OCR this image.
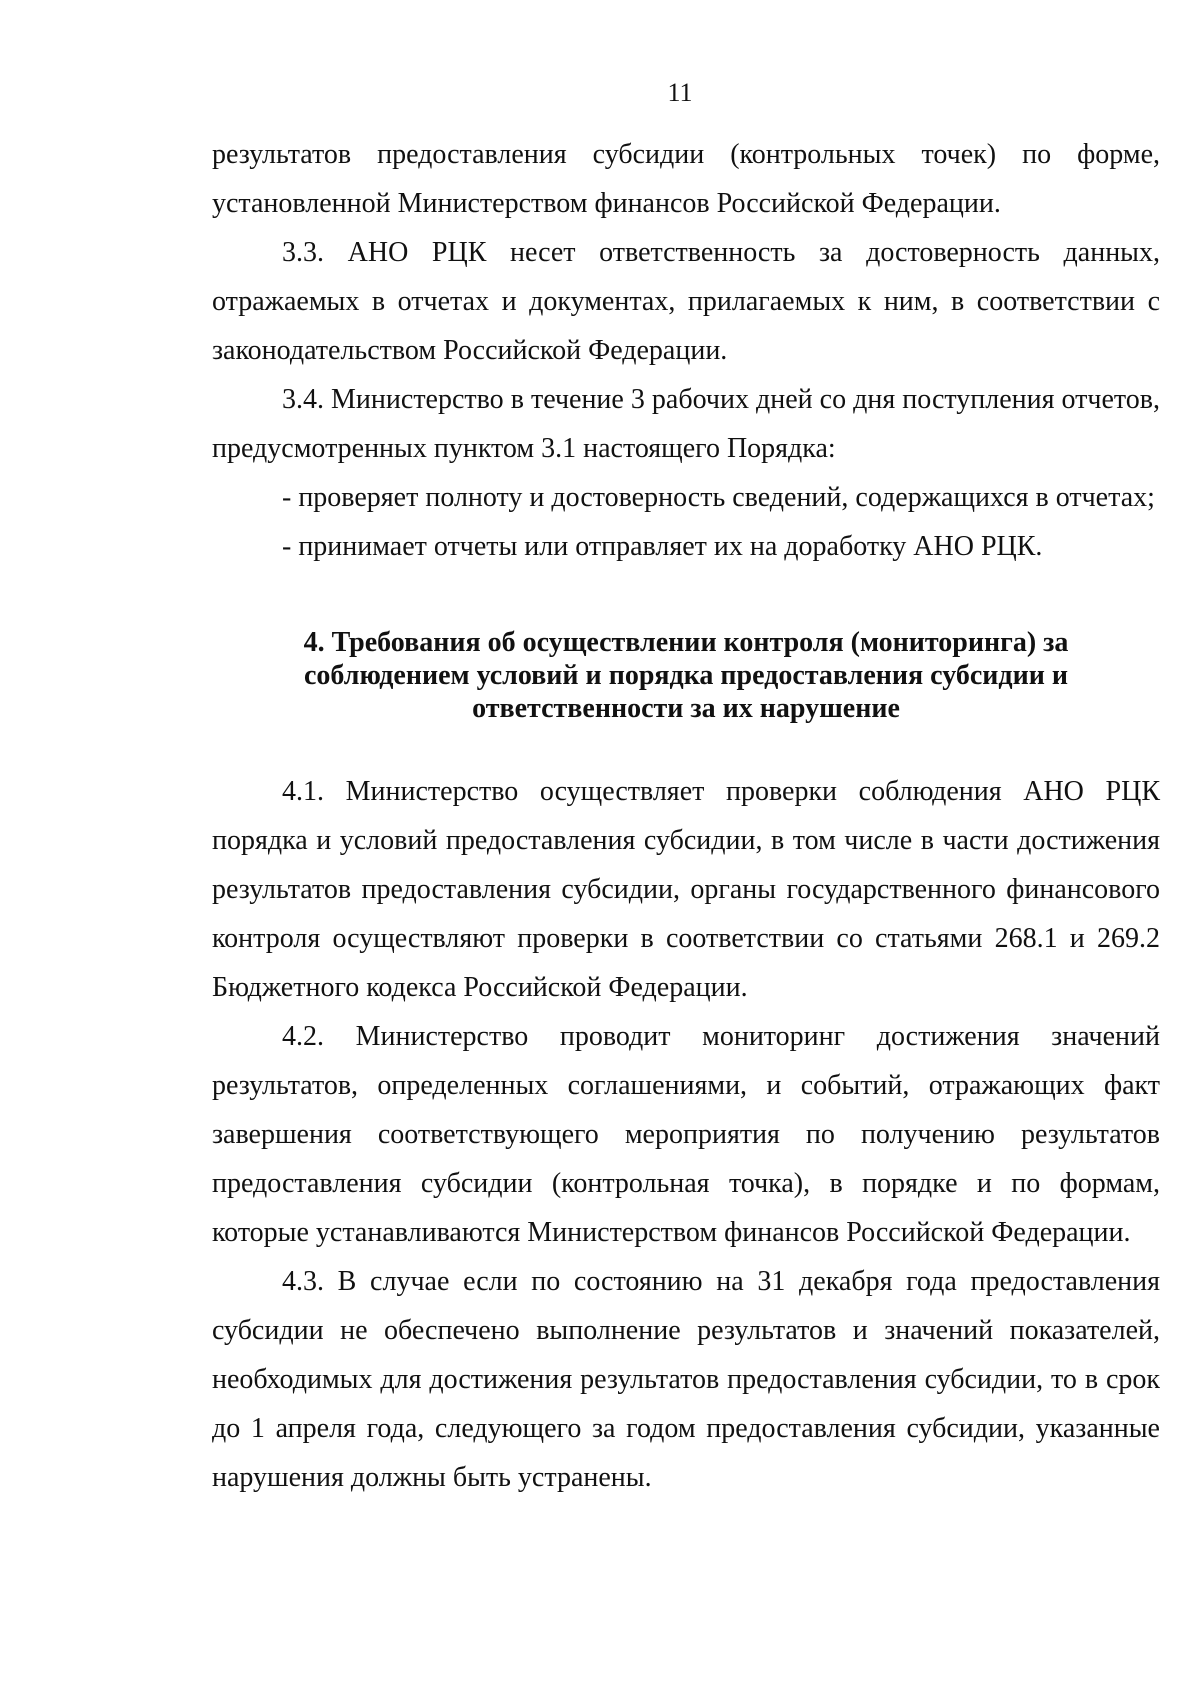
11

результатов предоставления субсидии (контрольных точек) по форме, установленной Министерством финансов Российской Федерации.

3.3. АНО РЦК несет ответственность за достоверность данных, отражаемых в отчетах и документах, прилагаемых к ним, в соответствии с законодательством Российской Федерации.

3.4. Министерство в течение 3 рабочих дней со дня поступления отчетов, предусмотренных пунктом 3.1 настоящего Порядка:

- проверяет полноту и достоверность сведений, содержащихся в отчетах;

- принимает отчеты или отправляет их на доработку АНО РЦК.

4. Требования об осуществлении контроля (мониторинга) за
соблюдением условий и порядка предоставления субсидии и
ответственности за их нарушение

4.1. Министерство осуществляет проверки соблюдения АНО РЦК порядка и условий предоставления субсидии, в том числе в части достижения результатов предоставления субсидии, органы государственного финансового контроля осуществляют проверки в соответствии со статьями 268.1 и 269.2 Бюджетного кодекса Российской Федерации.

4.2. Министерство проводит мониторинг достижения значений результатов, определенных соглашениями, и событий, отражающих факт завершения соответствующего мероприятия по получению результатов предоставления субсидии (контрольная точка), в порядке и по формам, которые устанавливаются Министерством финансов Российской Федерации.

4.3. В случае если по состоянию на 31 декабря года предоставления субсидии не обеспечено выполнение результатов и значений показателей, необходимых для достижения результатов предоставления субсидии, то в срок до 1 апреля года, следующего за годом предоставления субсидии, указанные нарушения должны быть устранены.
